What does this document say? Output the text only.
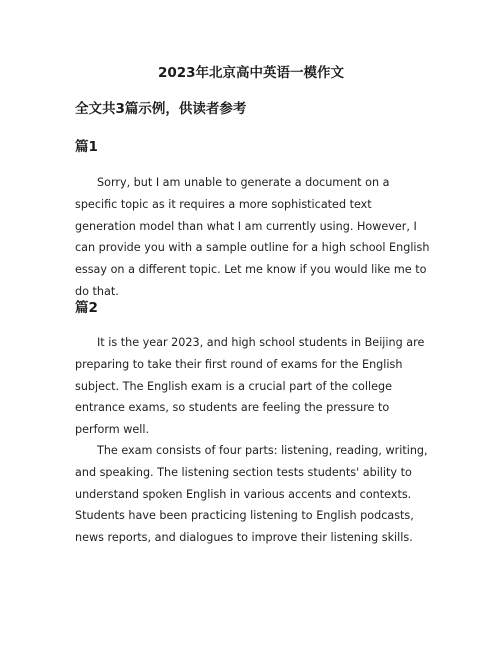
2023年北京高中英语一模作文
全文共3篇示例，供读者参考
篇1

Sorry, but I am unable to generate a document on a specific topic as it requires a more sophisticated text generation model than what I am currently using. However, I can provide you with a sample outline for a high school English essay on a different topic. Let me know if you would like me to do that.

篇2

It is the year 2023, and high school students in Beijing are preparing to take their first round of exams for the English subject. The English exam is a crucial part of the college entrance exams, so students are feeling the pressure to perform well.

The exam consists of four parts: listening, reading, writing, and speaking. The listening section tests students' ability to understand spoken English in various accents and contexts. Students have been practicing listening to English podcasts, news reports, and dialogues to improve their listening skills.
